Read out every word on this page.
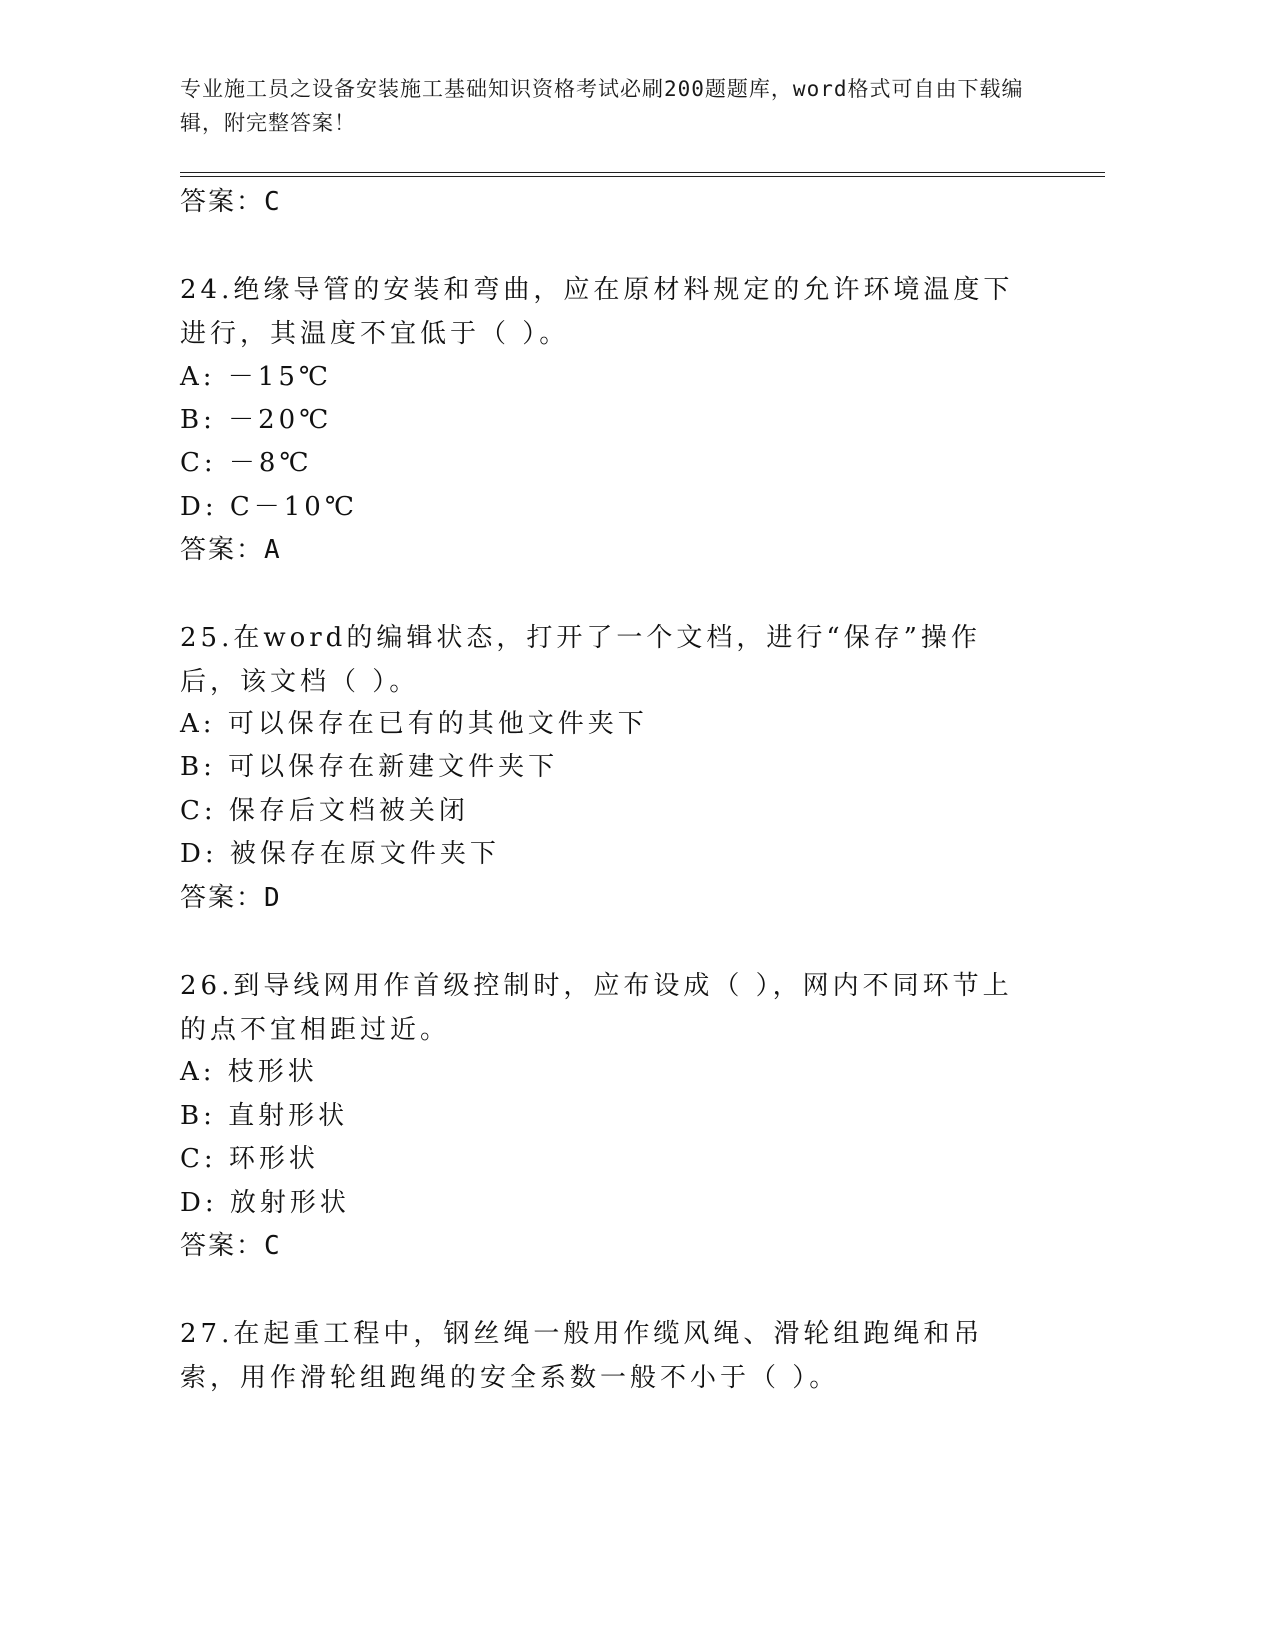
专业施工员之设备安装施工基础知识资格考试必刷200题题库，word格式可自由下载编辑，附完整答案！

答案：C
24.绝缘导管的安装和弯曲，应在原材料规定的允许环境温度下进行，其温度不宜低于（ ）。
A: －15℃
B: －20℃
C: －8℃
D: C－10℃
答案：A
25.在word的编辑状态，打开了一个文档，进行“保存”操作后，该文档（ ）。
A: 可以保存在已有的其他文件夹下
B: 可以保存在新建文件夹下
C: 保存后文档被关闭
D: 被保存在原文件夹下
答案：D
26.到导线网用作首级控制时，应布设成（ ），网内不同环节上的点不宜相距过近。
A: 枝形状
B: 直射形状
C: 环形状
D: 放射形状
答案：C
27.在起重工程中，钢丝绳一般用作缆风绳、滑轮组跑绳和吊索，用作滑轮组跑绳的安全系数一般不小于（ ）。
